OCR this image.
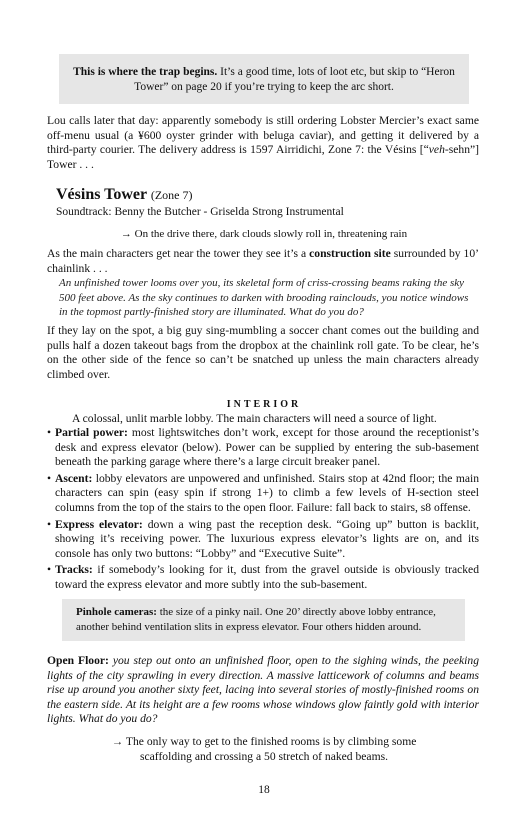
This is where the trap begins. It’s a good time, lots of loot etc, but skip to “Heron Tower” on page 20 if you’re trying to keep the arc short.

Lou calls later that day: apparently somebody is still ordering Lobster Mercier’s exact same off-menu usual (a ¥600 oyster grinder with beluga caviar), and getting it delivered by a third-party courier. The delivery address is 1597 Airridichi, Zone 7: the Vésins [“veh-sehn”] Tower . . .

Vésins Tower (Zone 7)
Soundtrack: Benny the Butcher - Griselda Strong Instrumental
→ On the drive there, dark clouds slowly roll in, threatening rain

As the main characters get near the tower they see it’s a construction site surrounded by 10’ chainlink . . .

An unfinished tower looms over you, its skeletal form of criss-crossing beams raking the sky 500 feet above. As the sky continues to darken with brooding rainclouds, you notice windows in the topmost partly-finished story are illuminated. What do you do?

If they lay on the spot, a big guy sing-mumbling a soccer chant comes out the building and pulls half a dozen takeout bags from the dropbox at the chainlink roll gate. To be clear, he’s on the other side of the fence so can’t be snatched up unless the main characters already climbed over.

INTERIOR
A colossal, unlit marble lobby. The main characters will need a source of light.
• Partial power: most lightswitches don’t work, except for those around the receptionist’s desk and express elevator (below). Power can be supplied by entering the sub-basement beneath the parking garage where there’s a large circuit breaker panel.
• Ascent: lobby elevators are unpowered and unfinished. Stairs stop at 42nd floor; the main characters can spin (easy spin if strong 1+) to climb a few levels of H-section steel columns from the top of the stairs to the open floor. Failure: fall back to stairs, s8 offense.
• Express elevator: down a wing past the reception desk. “Going up” button is backlit, showing it’s receiving power. The luxurious express elevator’s lights are on, and its console has only two buttons: “Lobby” and “Executive Suite”.
• Tracks: if somebody’s looking for it, dust from the gravel outside is obviously tracked toward the express elevator and more subtly into the sub-basement.

Pinhole cameras: the size of a pinky nail. One 20’ directly above lobby entrance, another behind ventilation slits in express elevator. Four others hidden around.

Open Floor: you step out onto an unfinished floor, open to the sighing winds, the peeking lights of the city sprawling in every direction. A massive latticework of columns and beams rise up around you another sixty feet, lacing into several stories of mostly-finished rooms on the eastern side. At its height are a few rooms whose windows glow faintly gold with interior lights. What do you do?

→ The only way to get to the finished rooms is by climbing some
scaffolding and crossing a 50 stretch of naked beams.
18
